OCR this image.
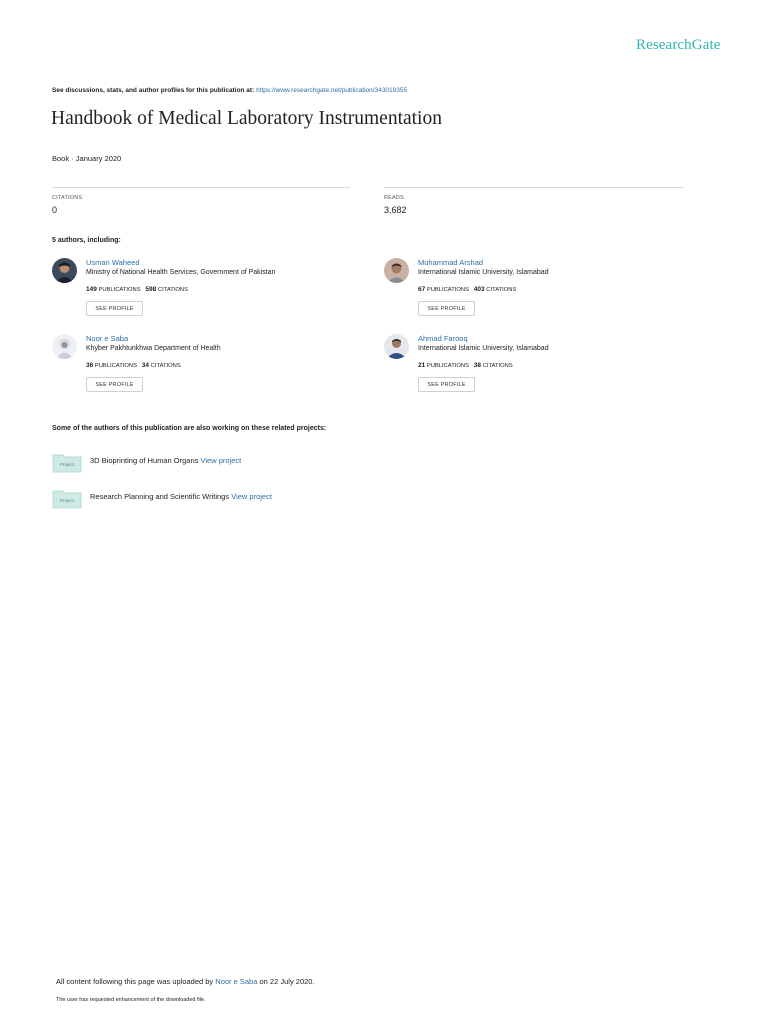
ResearchGate
See discussions, stats, and author profiles for this publication at: https://www.researchgate.net/publication/343019355
Handbook of Medical Laboratory Instrumentation
Book · January 2020
CITATIONS
0
READS
3,682
5 authors, including:
Usman Waheed
Ministry of National Health Services, Government of Pakistan
149 PUBLICATIONS 598 CITATIONS
SEE PROFILE
Muhammad Arshad
International Islamic University, Islamabad
67 PUBLICATIONS 403 CITATIONS
SEE PROFILE
Noor e Saba
Khyber Pakhtunkhwa Department of Health
36 PUBLICATIONS 34 CITATIONS
SEE PROFILE
Ahmad Farooq
International Islamic University, Islamabad
21 PUBLICATIONS 38 CITATIONS
SEE PROFILE
Some of the authors of this publication are also working on these related projects:
Project 3D Bioprinting of Human Organs View project
Project Research Planning and Scientific Writings View project
All content following this page was uploaded by Noor e Saba on 22 July 2020.
The user has requested enhancement of the downloaded file.
